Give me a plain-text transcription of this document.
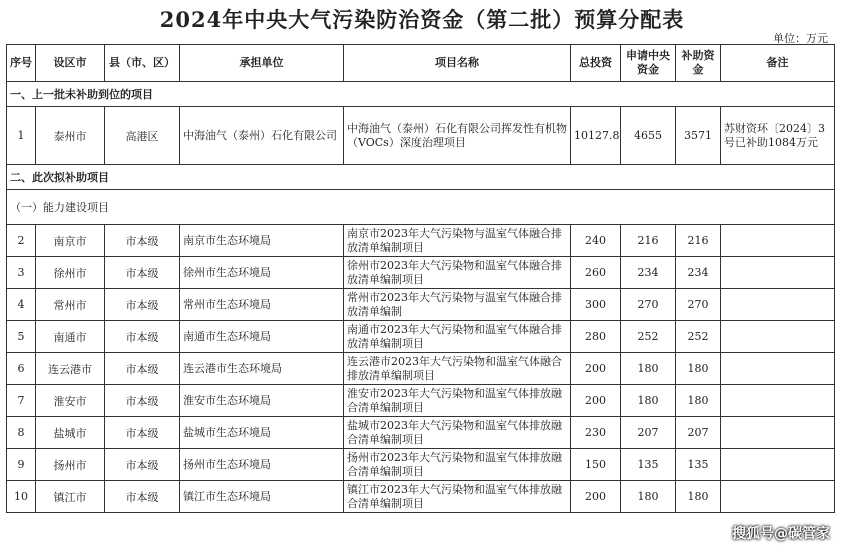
2024年中央大气污染防治资金（第二批）预算分配表
单位：万元
序号	设区市	县（市、区）	承担单位	项目名称	总投资	申请中央资金	补助资金	备注
一、上一批未补助到位的项目								
1	泰州市	高港区	中海油气（泰州）石化有限公司	中海油气（泰州）石化有限公司挥发性有机物（VOCs）深度治理项目	10127.8	4655	3571	苏财资环〔2024〕3号已补助1084万元
二、此次拟补助项目								
（一）能力建设项目								
2	南京市	市本级	南京市生态环境局	南京市2023年大气污染物与温室气体融合排放清单编制项目	240	216	216	
3	徐州市	市本级	徐州市生态环境局	徐州市2023年大气污染物和温室气体融合排放清单编制项目	260	234	234	
4	常州市	市本级	常州市生态环境局	常州市2023年大气污染物与温室气体融合排放清单编制	300	270	270	
5	南通市	市本级	南通市生态环境局	南通市2023年大气污染物和温室气体融合排放清单编制项目	280	252	252	
6	连云港市	市本级	连云港市生态环境局	连云港市2023年大气污染物和温室气体融合排放清单编制项目	200	180	180	
7	淮安市	市本级	淮安市生态环境局	淮安市2023年大气污染物和温室气体排放融合清单编制项目	200	180	180	
8	盐城市	市本级	盐城市生态环境局	盐城市2023年大气污染物和温室气体排放融合清单编制项目	230	207	207	
9	扬州市	市本级	扬州市生态环境局	扬州市2023年大气污染物和温室气体排放融合清单编制项目	150	135	135	
10	镇江市	市本级	镇江市生态环境局	镇江市2023年大气污染物和温室气体排放融合清单编制项目	200	180	180	
搜狐号@碳管家
